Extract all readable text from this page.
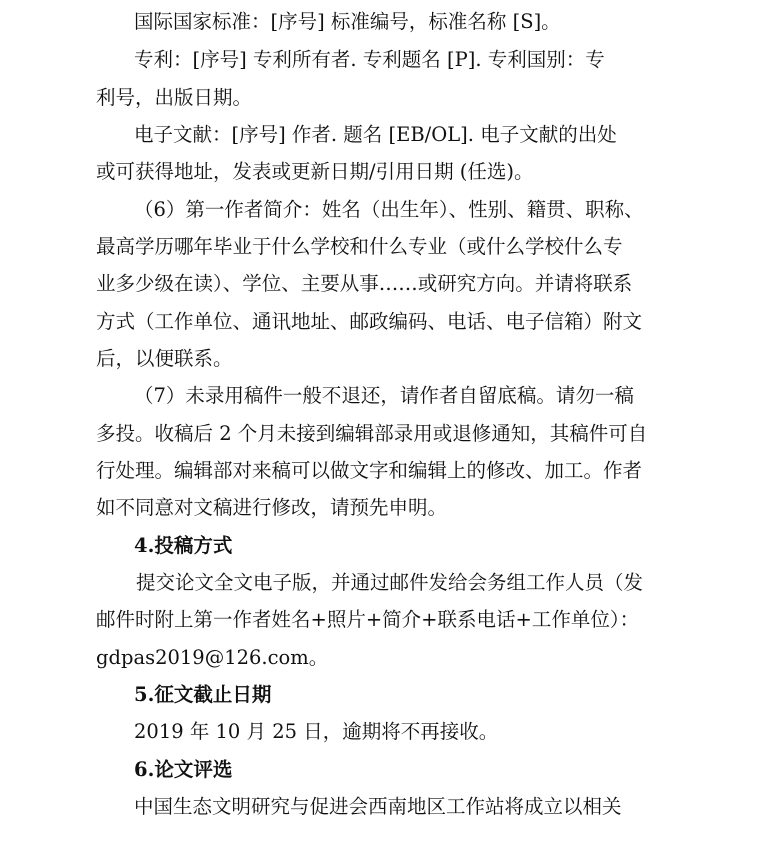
国际国家标准：[序号] 标准编号，标准名称 [S]。
专利：[序号] 专利所有者. 专利题名 [P]. 专利国别：专
利号，出版日期。
电子文献：[序号] 作者. 题名 [EB/OL]. 电子文献的出处
或可获得地址，发表或更新日期/引用日期 (任选)。
（6）第一作者简介：姓名（出生年）、性别、籍贯、职称、
最高学历哪年毕业于什么学校和什么专业（或什么学校什么专
业多少级在读）、学位、主要从事……或研究方向。并请将联系
方式（工作单位、通讯地址、邮政编码、电话、电子信箱）附文
后，以便联系。
（7）未录用稿件一般不退还，请作者自留底稿。请勿一稿
多投。收稿后 2 个月未接到编辑部录用或退修通知，其稿件可自
行处理。编辑部对来稿可以做文字和编辑上的修改、加工。作者
如不同意对文稿进行修改，请预先申明。
4.投稿方式
提交论文全文电子版，并通过邮件发给会务组工作人员（发
邮件时附上第一作者姓名+照片+简介+联系电话+工作单位）：
gdpas2019@126.com。
5.征文截止日期
2019 年 10 月 25 日，逾期将不再接收。
6.论文评选
中国生态文明研究与促进会西南地区工作站将成立以相关
